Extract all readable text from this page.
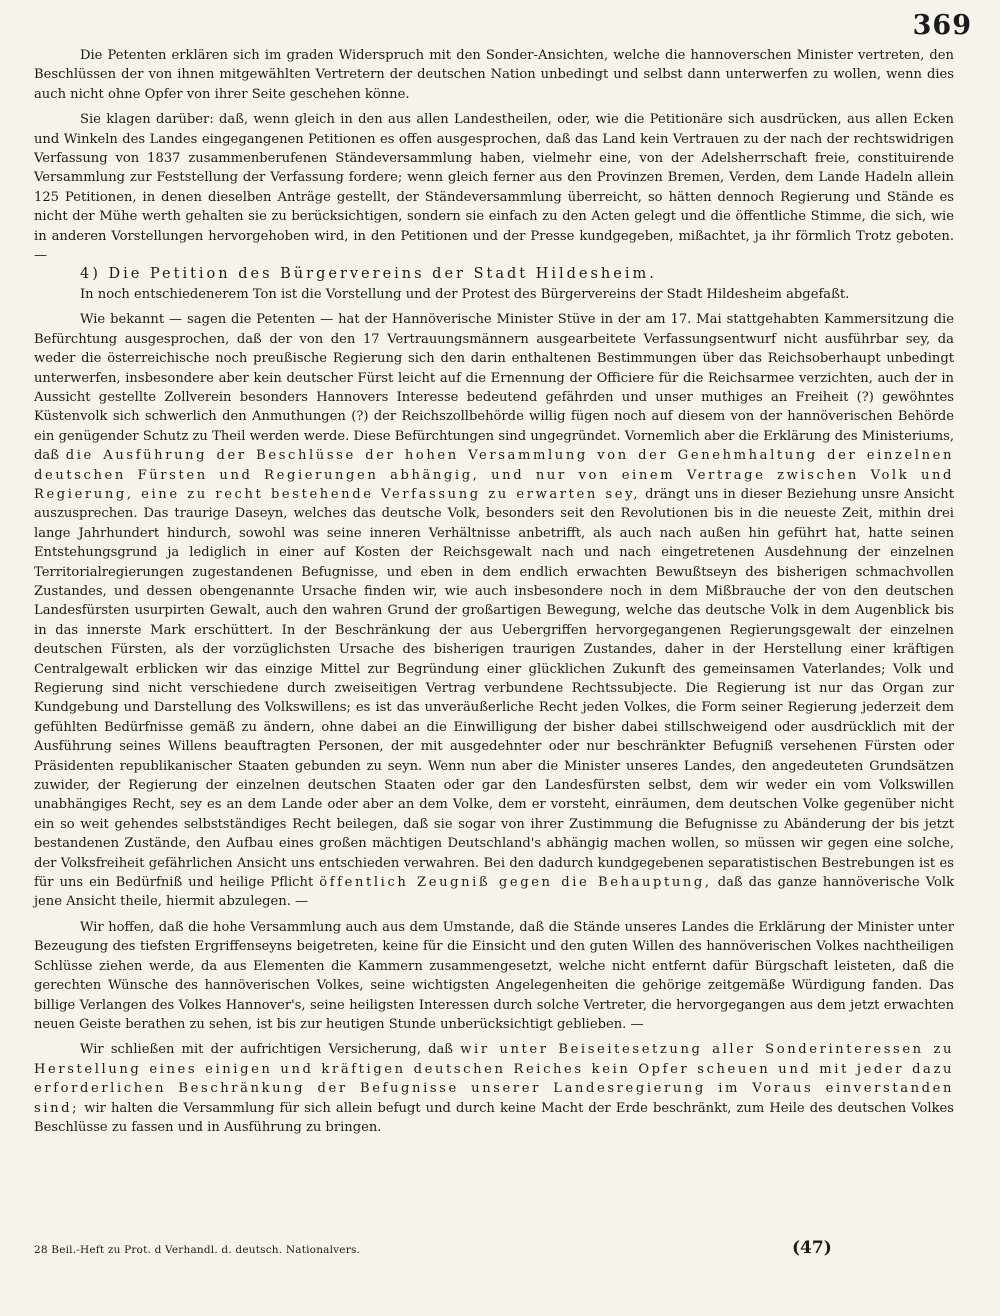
369

Die Petenten erklären sich im graden Widerspruch mit den Sonder-Ansichten, welche die hannoverschen Minister vertreten, den Beschlüssen der von ihnen mitgewählten Vertretern der deutschen Nation unbedingt und selbst dann unterwerfen zu wollen, wenn dies auch nicht ohne Opfer von ihrer Seite geschehen könne.

Sie klagen darüber: daß, wenn gleich in den aus allen Landestheilen, oder, wie die Petitionäre sich ausdrücken, aus allen Ecken und Winkeln des Landes eingegangenen Petitionen es offen ausgesprochen, daß das Land kein Vertrauen zu der nach der rechtswidrigen Verfassung von 1837 zusammenberufenen Ständeversammlung haben, vielmehr eine, von der Adelsherrschaft freie, constituirende Versammlung zur Feststellung der Verfassung fordere; wenn gleich ferner aus den Provinzen Bremen, Verden, dem Lande Hadeln allein 125 Petitionen, in denen dieselben Anträge gestellt, der Ständeversammlung überreicht, so hätten dennoch Regierung und Stände es nicht der Mühe werth gehalten sie zu berücksichtigen, sondern sie einfach zu den Acten gelegt und die öffentliche Stimme, die sich, wie in anderen Vorstellungen hervorgehoben wird, in den Petitionen und der Presse kundgegeben, mißachtet, ja ihr förmlich Trotz geboten. —

4) Die Petition des Bürgervereins der Stadt Hildesheim.

In noch entschiedenerem Ton ist die Vorstellung und der Protest des Bürgervereins der Stadt Hildesheim abgefaßt.

Wie bekannt — sagen die Petenten — hat der Hannöverische Minister Stüve in der am 17. Mai stattgehabten Kammersitzung die Befürchtung ausgesprochen, daß der von den 17 Vertrauungsmännern ausgearbeitete Verfassungsentwurf nicht ausführbar sey, da weder die österreichische noch preußische Regierung sich den darin enthaltenen Bestimmungen über das Reichsoberhaupt unbedingt unterwerfen, insbesondere aber kein deutscher Fürst leicht auf die Ernennung der Officiere für die Reichsarmee verzichten, auch der in Aussicht gestellte Zollverein besonders Hannovers Interesse bedeutend gefährden und unser muthiges an Freiheit (?) gewöhntes Küstenvolk sich schwerlich den Anmuthungen (?) der Reichszollbehörde willig fügen noch auf diesem von der hannöverischen Behörde ein genügender Schutz zu Theil werden werde. Diese Befürchtungen sind ungegründet. Vornemlich aber die Erklärung des Ministeriums, daß die Ausführung der Beschlüsse der hohen Versammlung von der Genehmhaltung der einzelnen deutschen Fürsten und Regierungen abhängig, und nur von einem Vertrage zwischen Volk und Regierung, eine zu recht bestehende Verfassung zu erwarten sey, drängt uns in dieser Beziehung unsre Ansicht auszusprechen. Das traurige Daseyn, welches das deutsche Volk, besonders seit den Revolutionen bis in die neueste Zeit, mithin drei lange Jahrhundert hindurch, sowohl was seine inneren Verhältnisse anbetrifft, als auch nach außen hin geführt hat, hatte seinen Entstehungsgrund ja lediglich in einer auf Kosten der Reichsgewalt nach und nach eingetretenen Ausdehnung der einzelnen Territorialregierungen zugestandenen Befugnisse, und eben in dem endlich erwachten Bewußtseyn des bisherigen schmachvollen Zustandes, und dessen obengenannte Ursache finden wir, wie auch insbesondere noch in dem Mißbrauche der von den deutschen Landesfürsten usurpirten Gewalt, auch den wahren Grund der großartigen Bewegung, welche das deutsche Volk in dem Augenblick bis in das innerste Mark erschüttert. In der Beschränkung der aus Uebergriffen hervorgegangenen Regierungsgewalt der einzelnen deutschen Fürsten, als der vorzüglichsten Ursache des bisherigen traurigen Zustandes, daher in der Herstellung einer kräftigen Centralgewalt erblicken wir das einzige Mittel zur Begründung einer glücklichen Zukunft des gemeinsamen Vaterlandes; Volk und Regierung sind nicht verschiedene durch zweiseitigen Vertrag verbundene Rechtssubjecte. Die Regierung ist nur das Organ zur Kundgebung und Darstellung des Volkswillens; es ist das unveräußerliche Recht jeden Volkes, die Form seiner Regierung jederzeit dem gefühlten Bedürfnisse gemäß zu ändern, ohne dabei an die Einwilligung der bisher dabei stillschweigend oder ausdrücklich mit der Ausführung seines Willens beauftragten Personen, der mit ausgedehnter oder nur beschränkter Befugniß versehenen Fürsten oder Präsidenten republikanischer Staaten gebunden zu seyn. Wenn nun aber die Minister unseres Landes, den angedeuteten Grundsätzen zuwider, der Regierung der einzelnen deutschen Staaten oder gar den Landesfürsten selbst, dem wir weder ein vom Volkswillen unabhängiges Recht, sey es an dem Lande oder aber an dem Volke, dem er vorsteht, einräumen, dem deutschen Volke gegenüber nicht ein so weit gehendes selbstständiges Recht beilegen, daß sie sogar von ihrer Zustimmung die Befugnisse zu Abänderung der bis jetzt bestandenen Zustände, den Aufbau eines großen mächtigen Deutschland's abhängig machen wollen, so müssen wir gegen eine solche, der Volksfreiheit gefährlichen Ansicht uns entschieden verwahren. Bei den dadurch kundgegebenen separatistischen Bestrebungen ist es für uns ein Bedürfniß und heilige Pflicht öffentlich Zeugniß gegen die Behauptung, daß das ganze hannöverische Volk jene Ansicht theile, hiermit abzulegen. —

Wir hoffen, daß die hohe Versammlung auch aus dem Umstande, daß die Stände unseres Landes die Erklärung der Minister unter Bezeugung des tiefsten Ergriffenseyns beigetreten, keine für die Einsicht und den guten Willen des hannöverischen Volkes nachtheiligen Schlüsse ziehen werde, da aus Elementen die Kammern zusammengesetzt, welche nicht entfernt dafür Bürgschaft leisteten, daß die gerechten Wünsche des hannöverischen Volkes, seine wichtigsten Angelegenheiten die gehörige zeitgemäße Würdigung fanden. Das billige Verlangen des Volkes Hannover's, seine heiligsten Interessen durch solche Vertreter, die hervorgegangen aus dem jetzt erwachten neuen Geiste berathen zu sehen, ist bis zur heutigen Stunde unberücksichtigt geblieben. —

Wir schließen mit der aufrichtigen Versicherung, daß wir unter Beiseitesetzung aller Sonderinteressen zu Herstellung eines einigen und kräftigen deutschen Reiches kein Opfer scheuen und mit jeder dazu erforderlichen Beschränkung der Befugnisse unserer Landesregierung im Voraus einverstanden sind; wir halten die Versammlung für sich allein befugt und durch keine Macht der Erde beschränkt, zum Heile des deutschen Volkes Beschlüsse zu fassen und in Ausführung zu bringen.

28 Beil.-Heft zu Prot. d Verhandl. d. deutsch. Nationalvers.	(47)
